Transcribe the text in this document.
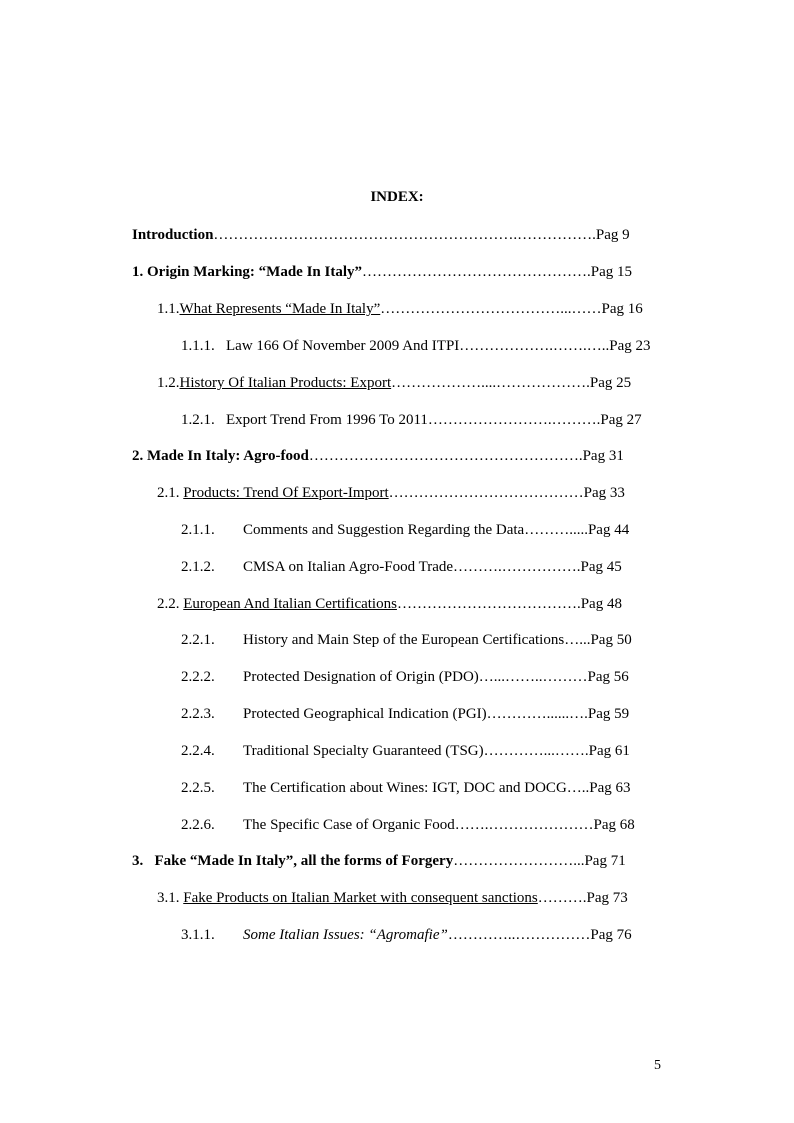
INDEX:
Introduction…………………………………………………….…………….Pag 9
1. Origin Marking: “Made In Italy”……………………………………….Pag 15
1.1.What Represents “Made In Italy”………………………………...……Pag 16
1.1.1. Law 166 Of November 2009 And ITPI……………….…….…..Pag 23
1.2.History Of Italian Products: Export………………....……………….Pag 25
1.2.1. Export Trend From 1996 To 2011…………………….……….Pag 27
2. Made In Italy: Agro-food……………………………………………….Pag 31
2.1. Products: Trend Of Export-Import…………………………………Pag 33
2.1.1. Comments and Suggestion Regarding the Data……….....Pag 44
2.1.2. CMSA on Italian Agro-Food Trade……….…………….Pag 45
2.2. European And Italian Certifications……………………………….Pag 48
2.2.1. History and Main Step of the European Certifications…...Pag 50
2.2.2. Protected Designation of Origin (PDO)…...……..………Pag 56
2.2.3. Protected Geographical Indication (PGI)…………......….Pag 59
2.2.4. Traditional Specialty Guaranteed (TSG)…………...…….Pag 61
2.2.5. The Certification about Wines: IGT, DOC and DOCG…..Pag 63
2.2.6. The Specific Case of Organic Food…….…………………Pag 68
3. Fake “Made In Italy”, all the forms of Forgery……………………...Pag 71
3.1. Fake Products on Italian Market with consequent sanctions……….Pag 73
3.1.1. Some Italian Issues: “Agromafie”…………..……………Pag 76
5
